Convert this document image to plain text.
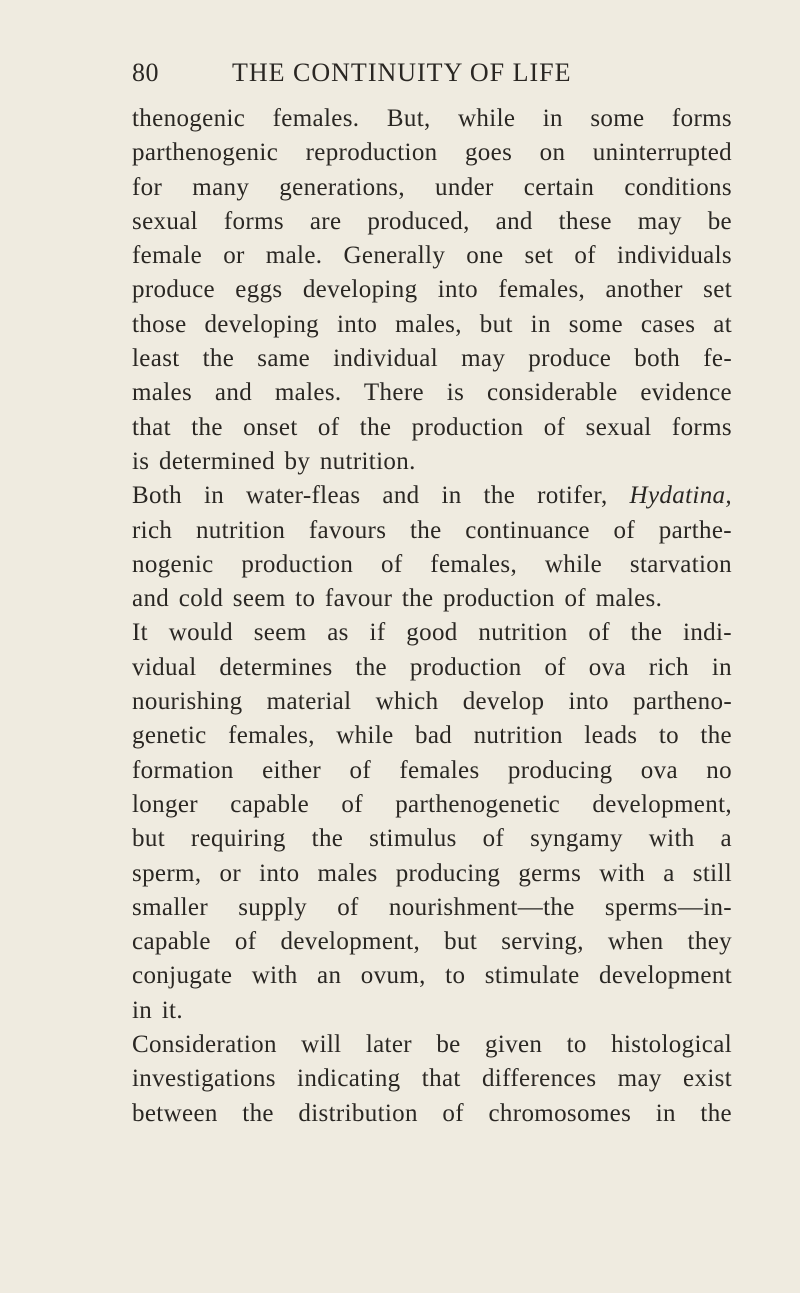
80	THE CONTINUITY OF LIFE
thenogenic females. But, while in some forms
parthenogenic reproduction goes on uninterrupted
for many generations, under certain conditions
sexual forms are produced, and these may be
female or male. Generally one set of individuals
produce eggs developing into females, another set
those developing into males, but in some cases at
least the same individual may produce both fe-
males and males. There is considerable evidence
that the onset of the production of sexual forms
is determined by nutrition.
Both in water-fleas and in the rotifer, Hydatina,
rich nutrition favours the continuance of parthe-
nogenic production of females, while starvation
and cold seem to favour the production of males.
It would seem as if good nutrition of the indi-
vidual determines the production of ova rich in
nourishing material which develop into partheno-
genetic females, while bad nutrition leads to the
formation either of females producing ova no
longer capable of parthenogenetic development,
but requiring the stimulus of syngamy with a
sperm, or into males producing germs with a still
smaller supply of nourishment—the sperms—in-
capable of development, but serving, when they
conjugate with an ovum, to stimulate development
in it.
Consideration will later be given to histological
investigations indicating that differences may exist
between the distribution of chromosomes in the
